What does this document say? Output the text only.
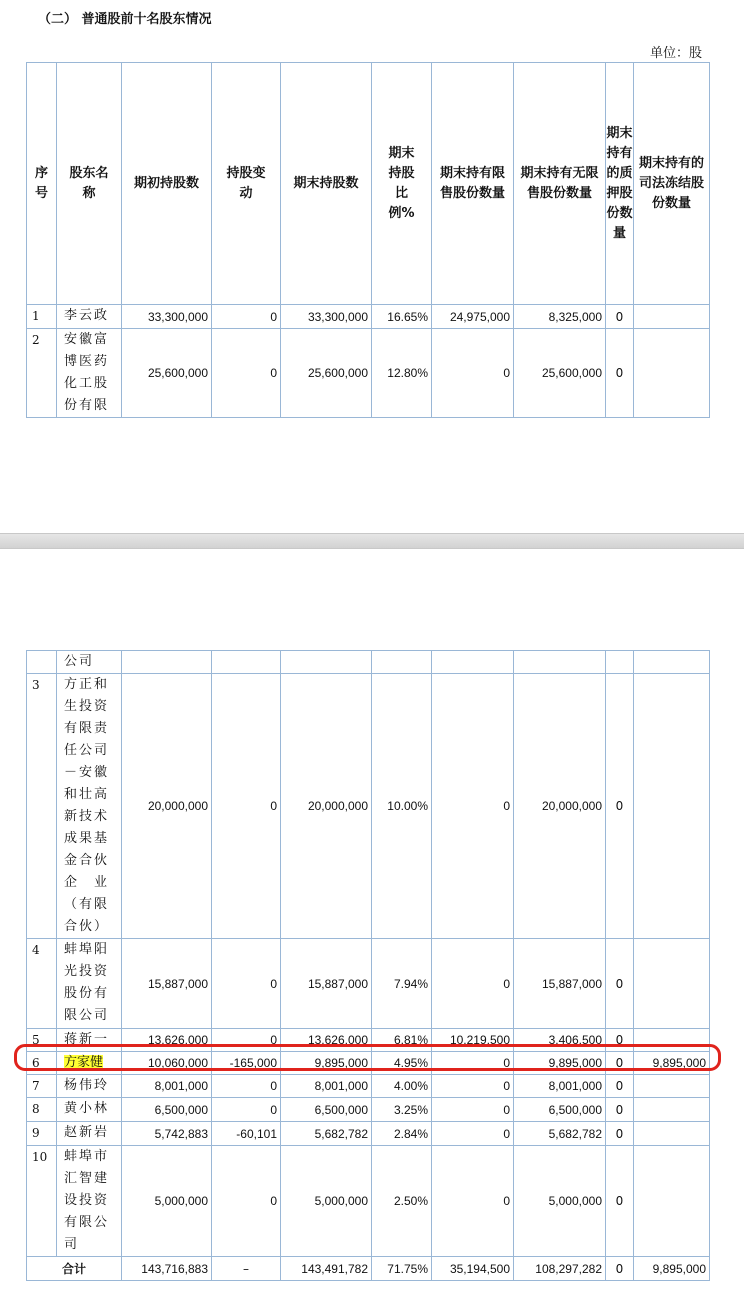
（二） 普通股前十名股东情况
单位：股
序号	股东名称	期初持股数	持股变动	期末持股数	期末持股比例%	期末持有限售股份数量	期末持有无限售股份数量	期末持有的质押股份数量	期末持有的司法冻结股份数量
1	李云政	33,300,000	0	33,300,000	16.65%	24,975,000	8,325,000	0	
2	安徽富博医药化工股份有限	25,600,000	0	25,600,000	12.80%	0	25,600,000	0	
	公司								
3	方正和生投资有限责任公司－安徽和壮高新技术成果基金合伙企　业（有限合伙）	20,000,000	0	20,000,000	10.00%	0	20,000,000	0	
4	蚌埠阳光投资股份有限公司	15,887,000	0	15,887,000	7.94%	0	15,887,000	0	
5	蒋新一	13,626,000	0	13,626,000	6.81%	10,219,500	3,406,500	0	
6	方家健	10,060,000	-165,000	9,895,000	4.95%	0	9,895,000	0	9,895,000
7	杨伟玲	8,001,000	0	8,001,000	4.00%	0	8,001,000	0	
8	黄小林	6,500,000	0	6,500,000	3.25%	0	6,500,000	0	
9	赵新岩	5,742,883	-60,101	5,682,782	2.84%	0	5,682,782	0	
10	蚌埠市汇智建设投资有限公司	5,000,000	0	5,000,000	2.50%	0	5,000,000	0	
合计		143,716,883	–	143,491,782	71.75%	35,194,500	108,297,282	0	9,895,000
